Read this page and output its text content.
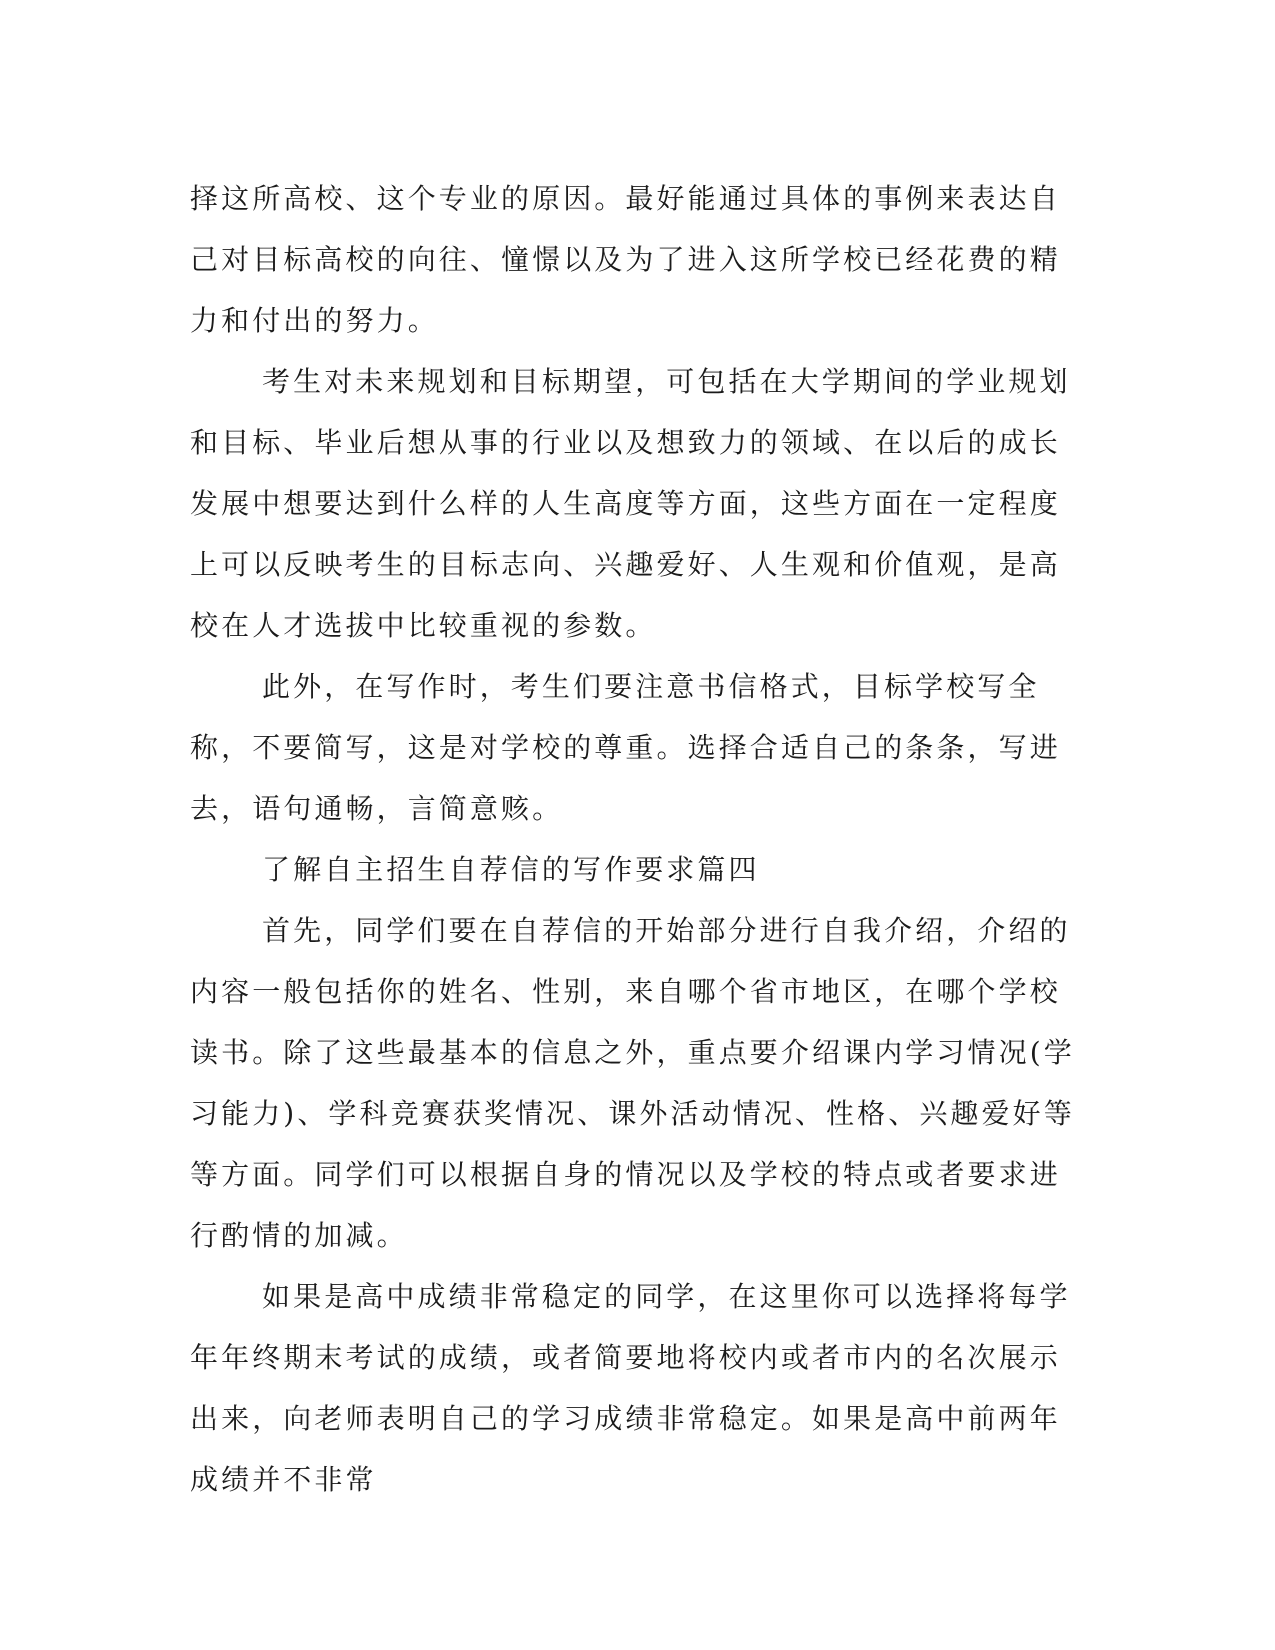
择这所高校、这个专业的原因。最好能通过具体的事例来表达自己对目标高校的向往、憧憬以及为了进入这所学校已经花费的精力和付出的努力。

考生对未来规划和目标期望，可包括在大学期间的学业规划和目标、毕业后想从事的行业以及想致力的领域、在以后的成长发展中想要达到什么样的人生高度等方面，这些方面在一定程度上可以反映考生的目标志向、兴趣爱好、人生观和价值观，是高校在人才选拔中比较重视的参数。

此外，在写作时，考生们要注意书信格式，目标学校写全称，不要简写，这是对学校的尊重。选择合适自己的条条，写进去，语句通畅，言简意赅。

了解自主招生自荐信的写作要求篇四

首先，同学们要在自荐信的开始部分进行自我介绍，介绍的内容一般包括你的姓名、性别，来自哪个省市地区，在哪个学校读书。除了这些最基本的信息之外，重点要介绍课内学习情况(学习能力)、学科竞赛获奖情况、课外活动情况、性格、兴趣爱好等等方面。同学们可以根据自身的情况以及学校的特点或者要求进行酌情的加减。

如果是高中成绩非常稳定的同学，在这里你可以选择将每学年年终期末考试的成绩，或者简要地将校内或者市内的名次展示出来，向老师表明自己的学习成绩非常稳定。如果是高中前两年成绩并不非常
